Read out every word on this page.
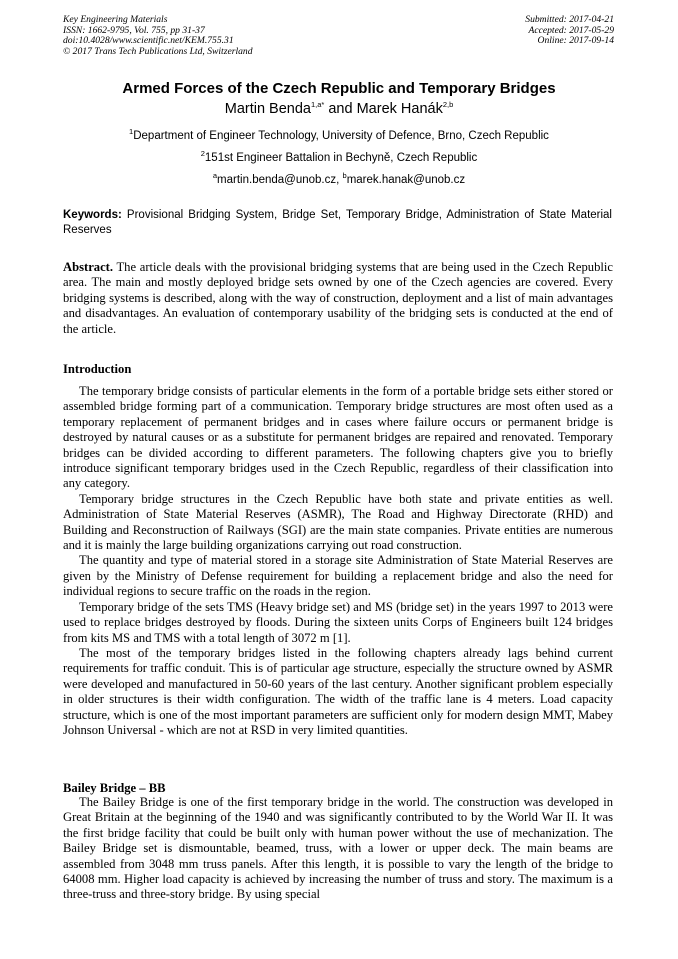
Key Engineering Materials
ISSN: 1662-9795, Vol. 755, pp 31-37
doi:10.4028/www.scientific.net/KEM.755.31
© 2017 Trans Tech Publications Ltd, Switzerland
Submitted: 2017-04-21
Accepted: 2017-05-29
Online: 2017-09-14
Armed Forces of the Czech Republic and Temporary Bridges
Martin Benda$^{1,a*}$ and Marek Hanák$^{2,b}$
$^1$Department of Engineer Technology, University of Defence, Brno, Czech Republic
$^2$151st Engineer Battalion in Bechyně, Czech Republic
$^a$martin.benda@unob.cz, $^b$marek.hanak@unob.cz
Keywords: Provisional Bridging System, Bridge Set, Temporary Bridge, Administration of State Material Reserves
Abstract. The article deals with the provisional bridging systems that are being used in the Czech Republic area. The main and mostly deployed bridge sets owned by one of the Czech agencies are covered. Every bridging systems is described, along with the way of construction, deployment and a list of main advantages and disadvantages. An evaluation of contemporary usability of the bridging sets is conducted at the end of the article.
Introduction

The temporary bridge consists of particular elements in the form of a portable bridge sets either stored or assembled bridge forming part of a communication. Temporary bridge structures are most often used as a temporary replacement of permanent bridges and in cases where failure occurs or permanent bridge is destroyed by natural causes or as a substitute for permanent bridges are repaired and renovated. Temporary bridges can be divided according to different parameters. The following chapters give you to briefly introduce significant temporary bridges used in the Czech Republic, regardless of their classification into any category.

Temporary bridge structures in the Czech Republic have both state and private entities as well. Administration of State Material Reserves (ASMR), The Road and Highway Directorate (RHD) and Building and Reconstruction of Railways (SGI) are the main state companies. Private entities are numerous and it is mainly the large building organizations carrying out road construction.

The quantity and type of material stored in a storage site Administration of State Material Reserves are given by the Ministry of Defense requirement for building a replacement bridge and also the need for individual regions to secure traffic on the roads in the region.

Temporary bridge of the sets TMS (Heavy bridge set) and MS (bridge set) in the years 1997 to 2013 were used to replace bridges destroyed by floods. During the sixteen units Corps of Engineers built 124 bridges from kits MS and TMS with a total length of 3072 m [1].

The most of the temporary bridges listed in the following chapters already lags behind current requirements for traffic conduit. This is of particular age structure, especially the structure owned by ASMR were developed and manufactured in 50-60 years of the last century. Another significant problem especially in older structures is their width configuration. The width of the traffic lane is 4 meters. Load capacity structure, which is one of the most important parameters are sufficient only for modern design MMT, Mabey Johnson Universal - which are not at RSD in very limited quantities.

Bailey Bridge – BB

The Bailey Bridge is one of the first temporary bridge in the world. The construction was developed in Great Britain at the beginning of the 1940 and was significantly contributed to by the World War II. It was the first bridge facility that could be built only with human power without the use of mechanization. The Bailey Bridge set is dismountable, beamed, truss, with a lower or upper deck. The main beams are assembled from 3048 mm truss panels. After this length, it is possible to vary the length of the bridge to 64008 mm. Higher load capacity is achieved by increasing the number of truss and story. The maximum is a three-truss and three-story bridge. By using special
